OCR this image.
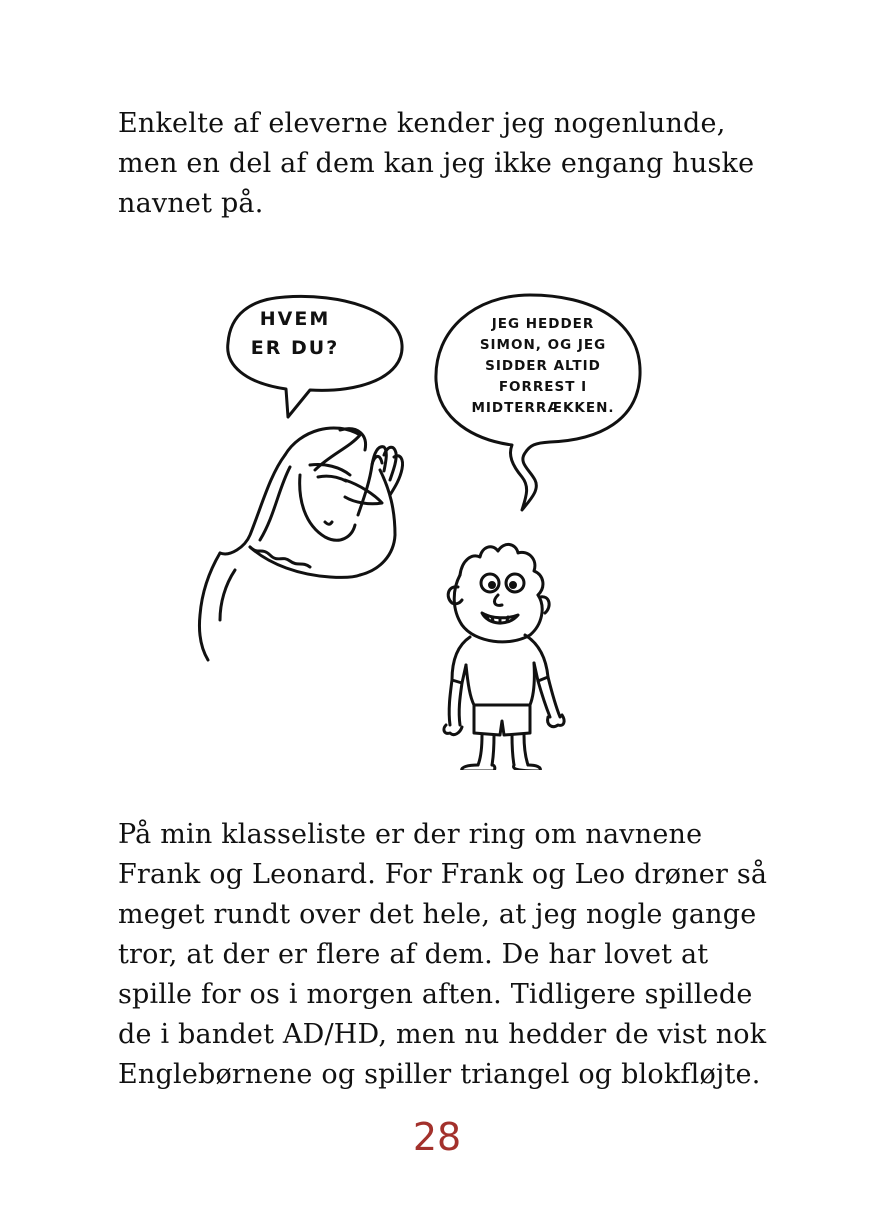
Enkelte af eleverne kender jeg nogenlunde,
men en del af dem kan jeg ikke engang huske
navnet på.
HVEM
ER DU?
JEG HEDDER
SIMON, OG JEG
SIDDER ALTID
FORREST I
MIDTERRÆKKEN.
På min klasseliste er der ring om navnene
Frank og Leonard. For Frank og Leo drøner så
meget rundt over det hele, at jeg nogle gange
tror, at der er flere af dem. De har lovet at
spille for os i morgen aften. Tidligere spillede
de i bandet AD/HD, men nu hedder de vist nok
Englebørnene og spiller triangel og blokfløjte.
28
